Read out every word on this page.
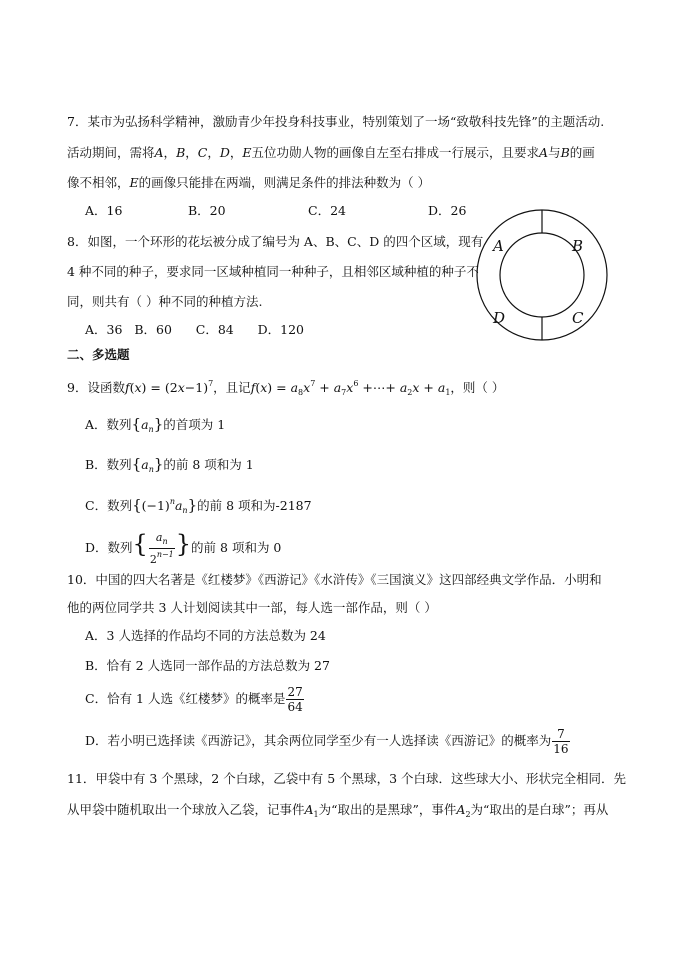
7．某市为弘扬科学精神，激励青少年投身科技事业，特别策划了一场“致敬科技先锋”的主题活动.
活动期间，需将A，B，C，D，E五位功勋人物的画像自左至右排成一行展示，且要求A与B的画
像不相邻，E的画像只能排在两端，则满足条件的排法种数为（ ）
A．16	B．20	C．24	D．26
8．如图，一个环形的花坛被分成了编号为 A、B、C、D 的四个区域，现有
4 种不同的种子，要求同一区域种植同一种种子，且相邻区域种植的种子不
同，则共有（ ）种不同的种植方法.
A．36   B．60      C．84      D．120
A	B
C
D
二、多选题
9．设函数$f(x) = (2x-1)^7$，且记$f(x) = a_8x^7 + a_7x^6$ +⋯+ $a_2x + a_1$，则（ ）
A．数列$\{a_n\}$的首项为 1
B．数列$\{a_n\}$的前 8 项和为 1
C．数列$\{(-1)^na_n\}$的前 8 项和为-2187
D．数列{ $\frac{a_n}{2^{n-1}}$ }的前 8 项和为 0
10．中国的四大名著是《红楼梦》《西游记》《水浒传》《三国演义》这四部经典文学作品．小明和
他的两位同学共 3 人计划阅读其中一部，每人选一部作品，则（ ）
A．3 人选择的作品均不同的方法总数为 24
B．恰有 2 人选同一部作品的方法总数为 27
C．恰有 1 人选《红楼梦》的概率是 $\frac{27}{64}$
D．若小明已选择读《西游记》，其余两位同学至少有一人选择读《西游记》的概率为 $\frac{7}{16}$
11．甲袋中有 3 个黑球，2 个白球，乙袋中有 5 个黑球，3 个白球．这些球大小、形状完全相同．先
从甲袋中随机取出一个球放入乙袋，记事件$A_1$为“取出的是黑球”，事件$A_2$为“取出的是白球”；再从
